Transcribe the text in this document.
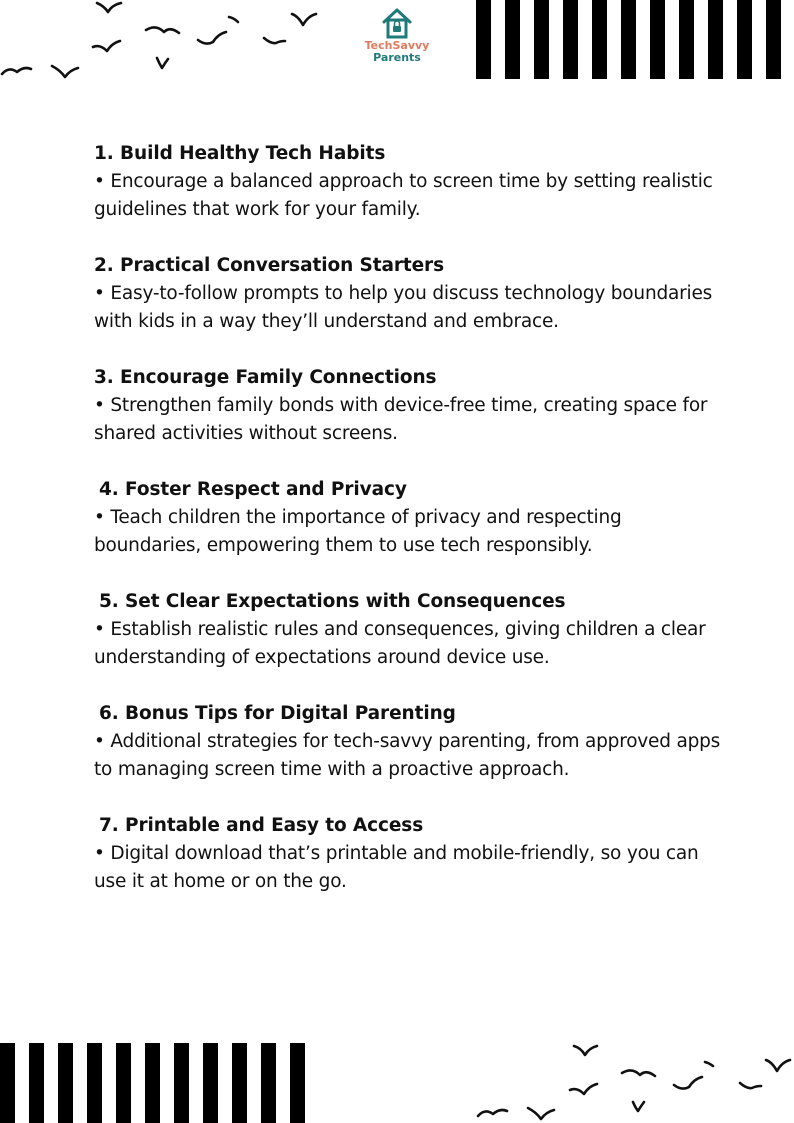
TechSavvy
Parents
1. Build Healthy Tech Habits

• Encourage a balanced approach to screen time by setting realistic guidelines that work for your family.

2. Practical Conversation Starters

• Easy-to-follow prompts to help you discuss technology boundaries with kids in a way they’ll understand and embrace.

3. Encourage Family Connections

• Strengthen family bonds with device-free time, creating space for shared activities without screens.

4. Foster Respect and Privacy

• Teach children the importance of privacy and respecting boundaries, empowering them to use tech responsibly.

5. Set Clear Expectations with Consequences

• Establish realistic rules and consequences, giving children a clear understanding of expectations around device use.

6. Bonus Tips for Digital Parenting

• Additional strategies for tech-savvy parenting, from approved apps to managing screen time with a proactive approach.

7. Printable and Easy to Access

• Digital download that’s printable and mobile-friendly, so you can use it at home or on the go.
